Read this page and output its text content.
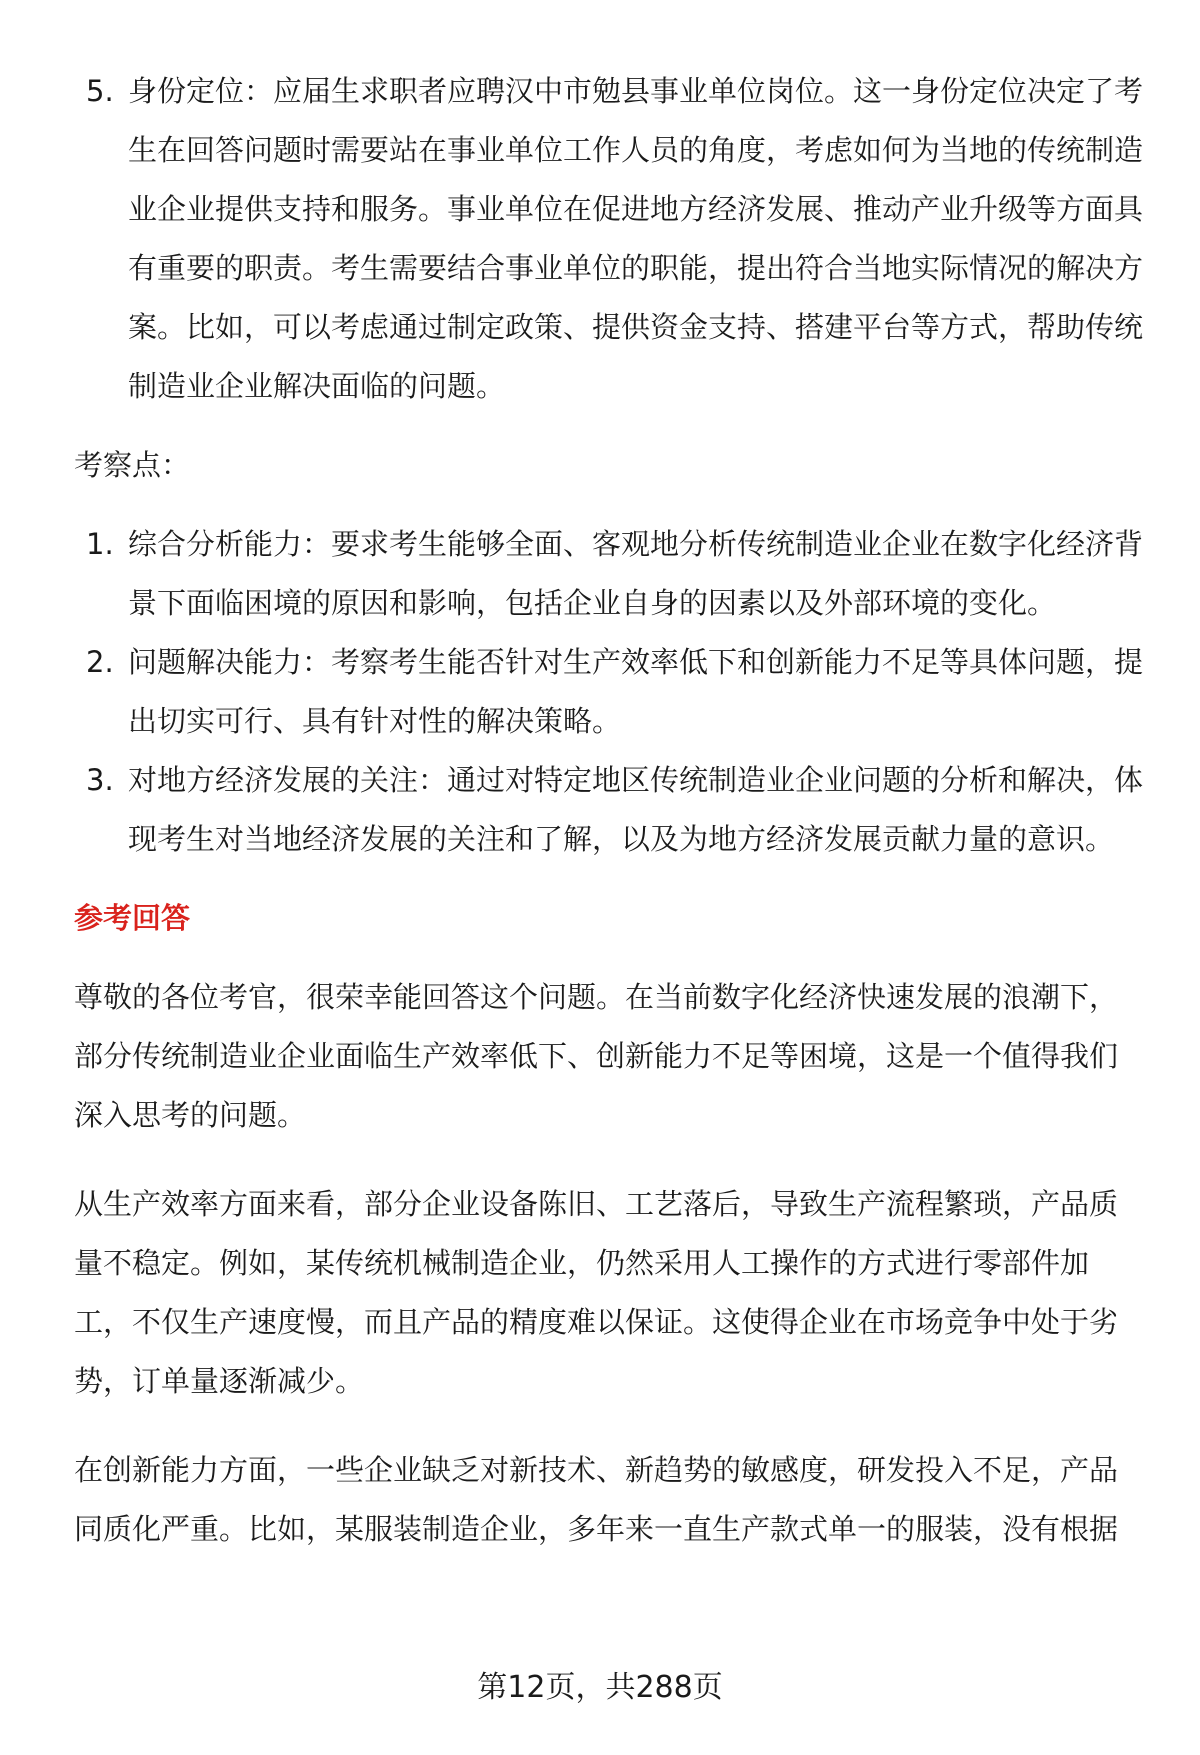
5. 身份定位：应届生求职者应聘汉中市勉县事业单位岗位。这一身份定位决定了考生在回答问题时需要站在事业单位工作人员的角度，考虑如何为当地的传统制造业企业提供支持和服务。事业单位在促进地方经济发展、推动产业升级等方面具有重要的职责。考生需要结合事业单位的职能，提出符合当地实际情况的解决方案。比如，可以考虑通过制定政策、提供资金支持、搭建平台等方式，帮助传统制造业企业解决面临的问题。

考察点：

1. 综合分析能力：要求考生能够全面、客观地分析传统制造业企业在数字化经济背景下面临困境的原因和影响，包括企业自身的因素以及外部环境的变化。
2. 问题解决能力：考察考生能否针对生产效率低下和创新能力不足等具体问题，提出切实可行、具有针对性的解决策略。
3. 对地方经济发展的关注：通过对特定地区传统制造业企业问题的分析和解决，体现考生对当地经济发展的关注和了解，以及为地方经济发展贡献力量的意识。

参考回答

尊敬的各位考官，很荣幸能回答这个问题。在当前数字化经济快速发展的浪潮下，部分传统制造业企业面临生产效率低下、创新能力不足等困境，这是一个值得我们深入思考的问题。

从生产效率方面来看，部分企业设备陈旧、工艺落后，导致生产流程繁琐，产品质量不稳定。例如，某传统机械制造企业，仍然采用人工操作的方式进行零部件加工，不仅生产速度慢，而且产品的精度难以保证。这使得企业在市场竞争中处于劣势，订单量逐渐减少。

在创新能力方面，一些企业缺乏对新技术、新趋势的敏感度，研发投入不足，产品同质化严重。比如，某服装制造企业，多年来一直生产款式单一的服装，没有根据

第12页，共288页
